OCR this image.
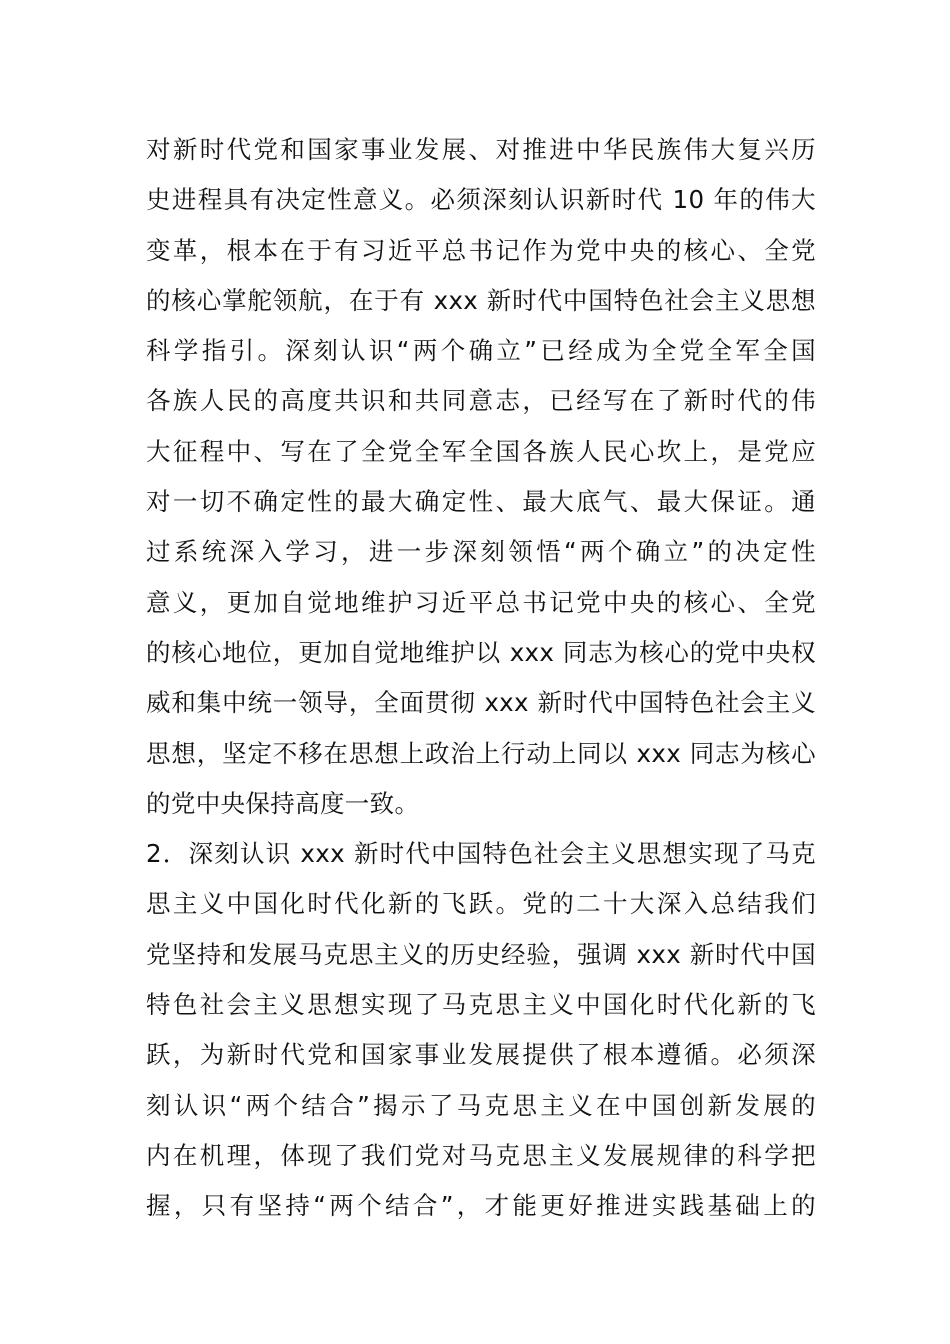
对新时代党和国家事业发展、对推进中华民族伟大复兴历
史进程具有决定性意义。必须深刻认识新时代 10 年的伟大
变革，根本在于有习近平总书记作为党中央的核心、全党
的核心掌舵领航，在于有 xxx 新时代中国特色社会主义思想
科学指引。深刻认识“两个确立”已经成为全党全军全国
各族人民的高度共识和共同意志，已经写在了新时代的伟
大征程中、写在了全党全军全国各族人民心坎上，是党应
对一切不确定性的最大确定性、最大底气、最大保证。通
过系统深入学习，进一步深刻领悟“两个确立”的决定性
意义，更加自觉地维护习近平总书记党中央的核心、全党
的核心地位，更加自觉地维护以 xxx 同志为核心的党中央权
威和集中统一领导，全面贯彻 xxx 新时代中国特色社会主义
思想，坚定不移在思想上政治上行动上同以 xxx 同志为核心
的党中央保持高度一致。
2．深刻认识 xxx 新时代中国特色社会主义思想实现了马克
思主义中国化时代化新的飞跃。党的二十大深入总结我们
党坚持和发展马克思主义的历史经验，强调 xxx 新时代中国
特色社会主义思想实现了马克思主义中国化时代化新的飞
跃，为新时代党和国家事业发展提供了根本遵循。必须深
刻认识“两个结合”揭示了马克思主义在中国创新发展的
内在机理，体现了我们党对马克思主义发展规律的科学把
握，只有坚持“两个结合”，才能更好推进实践基础上的
